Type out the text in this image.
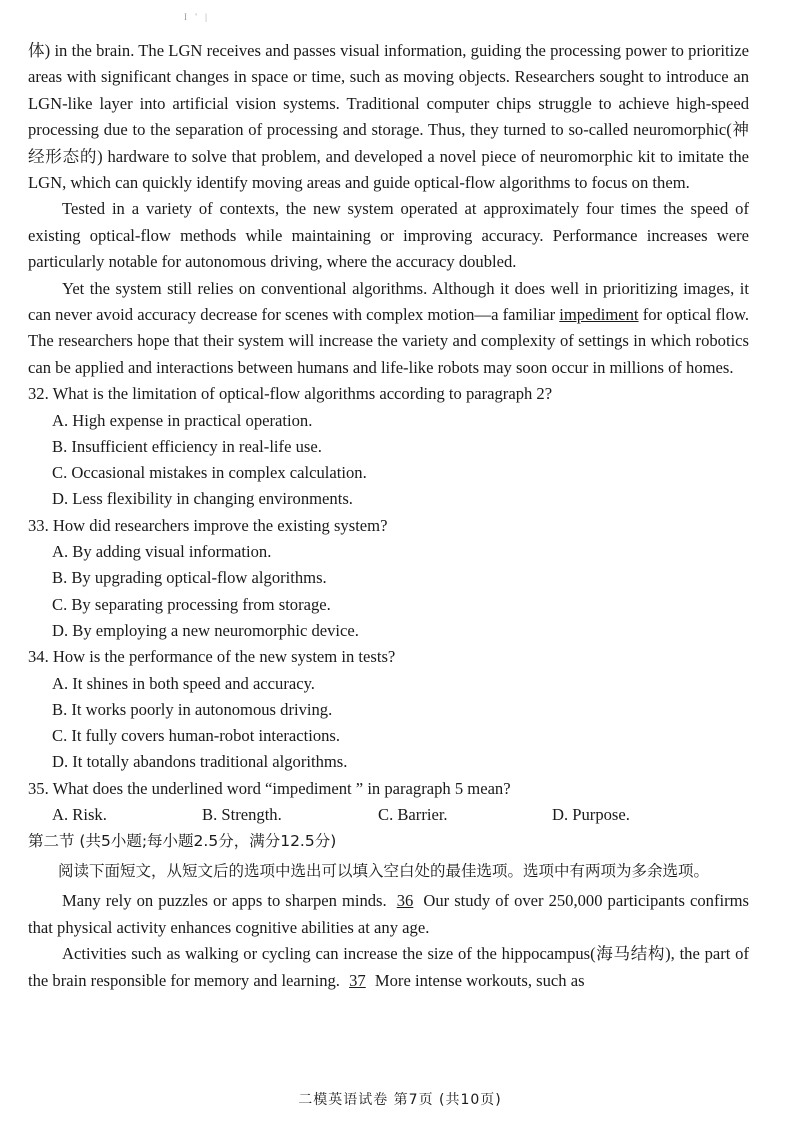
I ' |

体) in the brain. The LGN receives and passes visual information, guiding the processing power to prioritize areas with significant changes in space or time, such as moving objects. Researchers sought to introduce an LGN-like layer into artificial vision systems. Traditional computer chips struggle to achieve high-speed processing due to the separation of processing and storage. Thus, they turned to so-called neuromorphic(神经形态的) hardware to solve that problem, and developed a novel piece of neuromorphic kit to imitate the LGN, which can quickly identify moving areas and guide optical-flow algorithms to focus on them.

Tested in a variety of contexts, the new system operated at approximately four times the speed of existing optical-flow methods while maintaining or improving accuracy. Performance increases were particularly notable for autonomous driving, where the accuracy doubled.

Yet the system still relies on conventional algorithms. Although it does well in prioritizing images, it can never avoid accuracy decrease for scenes with complex motion—a familiar impediment for optical flow. The researchers hope that their system will increase the variety and complexity of settings in which robotics can be applied and interactions between humans and life-like robots may soon occur in millions of homes.

32. What is the limitation of optical-flow algorithms according to paragraph 2?

A. High expense in practical operation.

B. Insufficient efficiency in real-life use.

C. Occasional mistakes in complex calculation.

D. Less flexibility in changing environments.

33. How did researchers improve the existing system?

A. By adding visual information.

B. By upgrading optical-flow algorithms.

C. By separating processing from storage.

D. By employing a new neuromorphic device.

34. How is the performance of the new system in tests?

A. It shines in both speed and accuracy.

B. It works poorly in autonomous driving.

C. It fully covers human-robot interactions.

D. It totally abandons traditional algorithms.

35. What does the underlined word “impediment ” in paragraph 5 mean?

A. Risk.	B. Strength.	C. Barrier.	D. Purpose.

第二节 (共5小题;每小题2.5分，满分12.5分)

阅读下面短文，从短文后的选项中选出可以填入空白处的最佳选项。选项中有两项为多余选项。

Many rely on puzzles or apps to sharpen minds. 36 Our study of over 250,000 participants confirms that physical activity enhances cognitive abilities at any age.

Activities such as walking or cycling can increase the size of the hippocampus(海马结构), the part of the brain responsible for memory and learning. 37 More intense workouts, such as

二模英语试卷 第7页 (共10页)
